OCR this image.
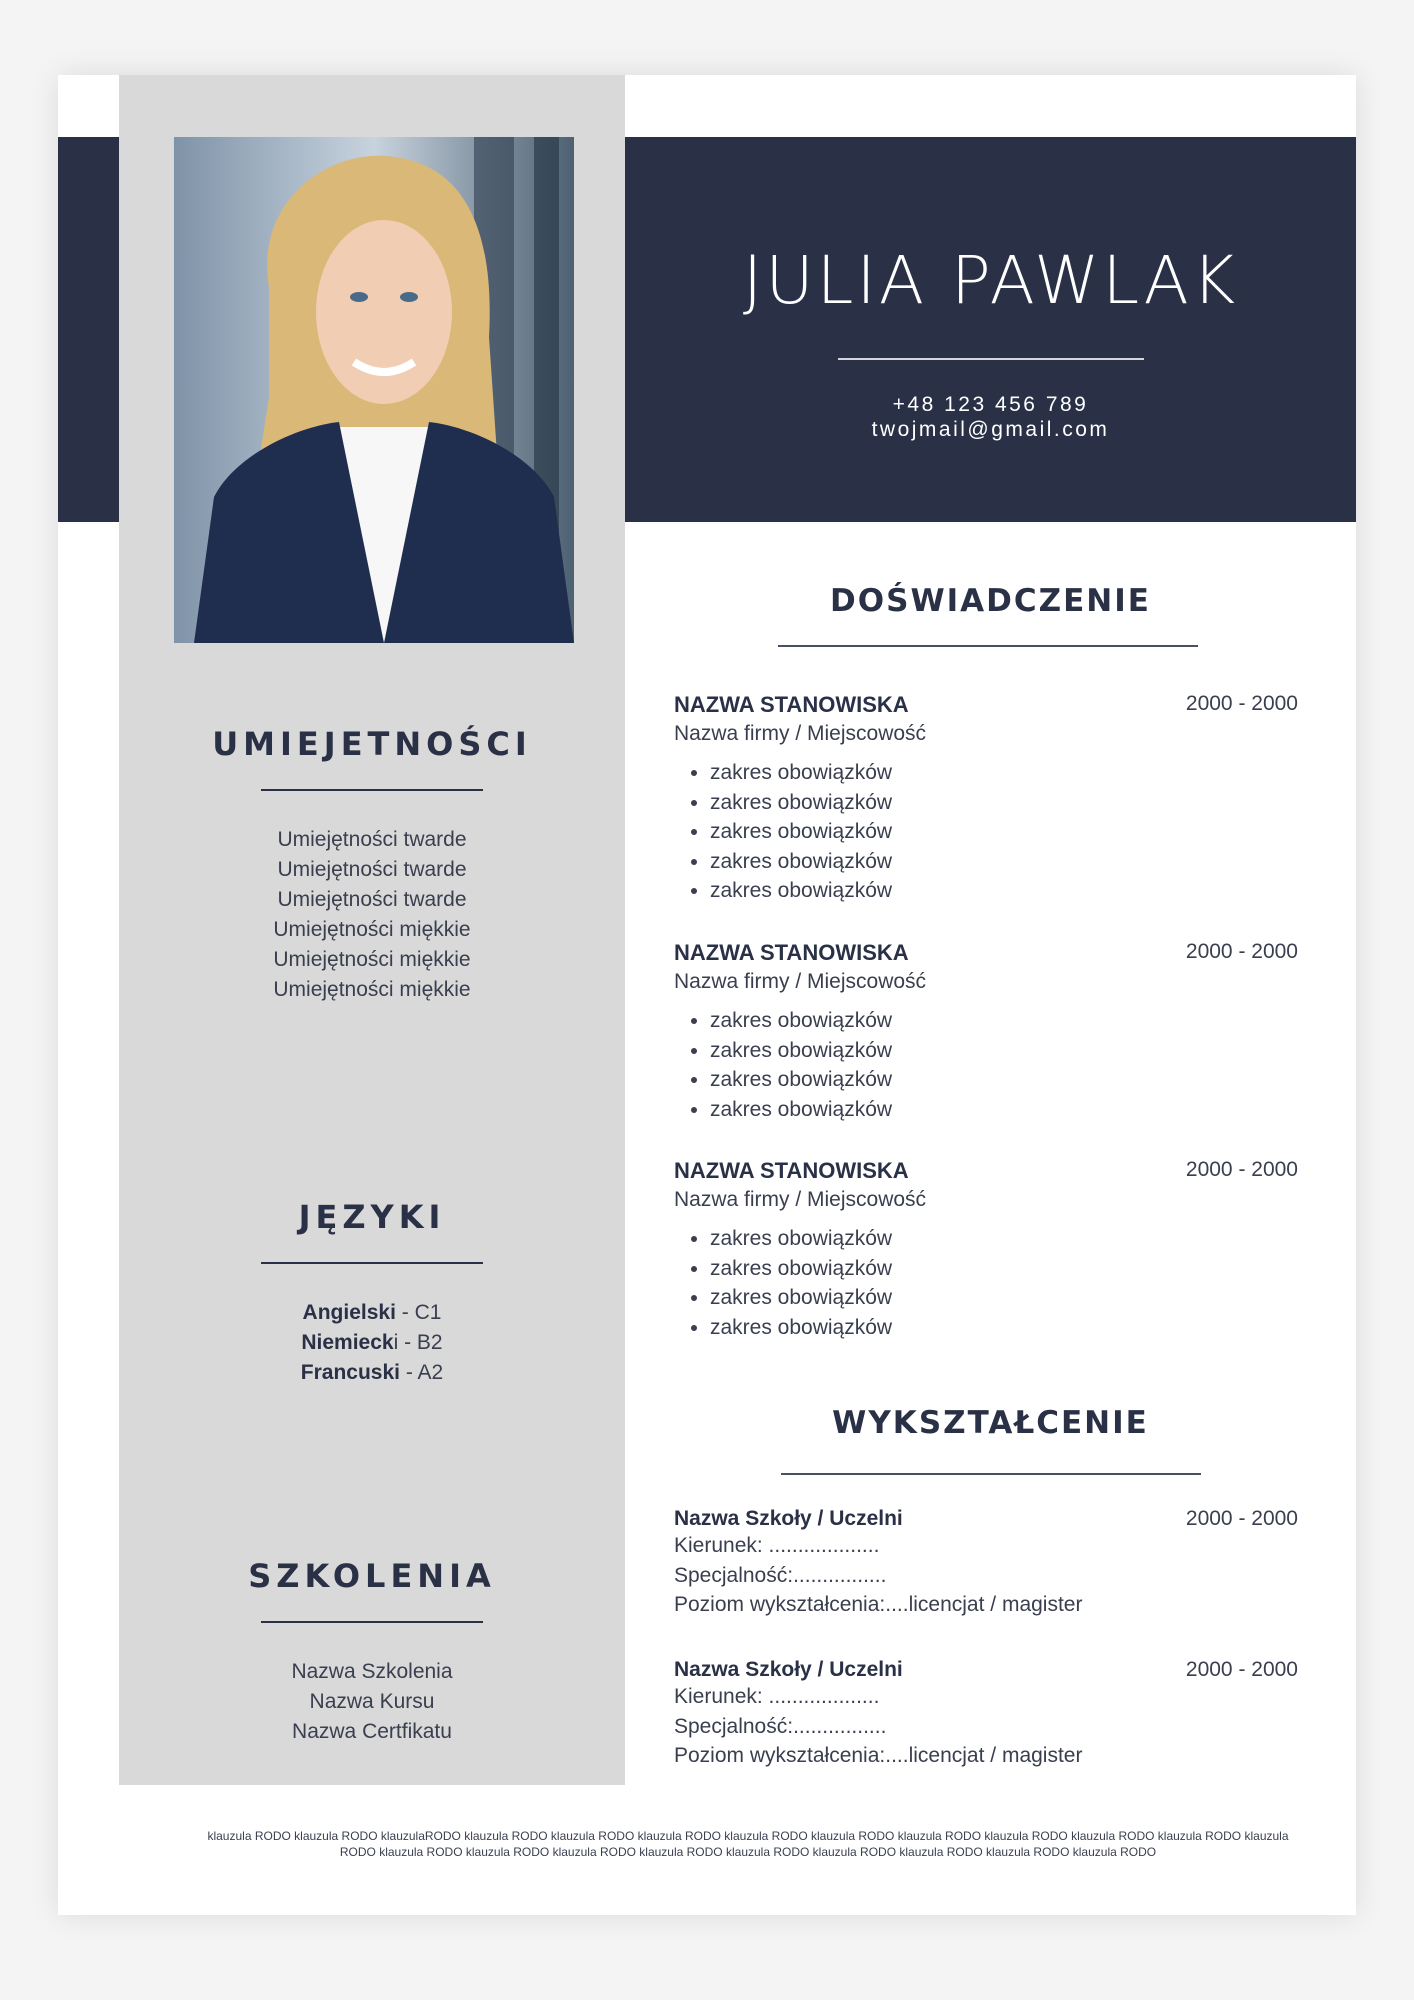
JULIA PAWLAK
+48 123 456 789
twojmail@gmail.com
UMIEJETNOŚCI
Umiejętności twarde
Umiejętności twarde
Umiejętności twarde
Umiejętności miękkie
Umiejętności miękkie
Umiejętności miękkie
JĘZYKI
Angielski - C1
Niemiecki - B2
Francuski - A2
SZKOLENIA
Nazwa Szkolenia
Nazwa Kursu
Nazwa Certfikatu
DOŚWIADCZENIE
NAZWA STANOWISKA	2000 - 2000
Nazwa firmy / Miejscowość
• zakres obowiązków
• zakres obowiązków
• zakres obowiązków
• zakres obowiązków
• zakres obowiązków
NAZWA STANOWISKA	2000 - 2000
Nazwa firmy / Miejscowość
• zakres obowiązków
• zakres obowiązków
• zakres obowiązków
• zakres obowiązków
NAZWA STANOWISKA	2000 - 2000
Nazwa firmy / Miejscowość
• zakres obowiązków
• zakres obowiązków
• zakres obowiązków
• zakres obowiązków
WYKSZTAŁCENIE
Nazwa Szkoły / Uczelni	2000 - 2000
Kierunek: ...................
Specjalność:................
Poziom wykształcenia:....licencjat / magister
Nazwa Szkoły / Uczelni	2000 - 2000
Kierunek: ...................
Specjalność:................
Poziom wykształcenia:....licencjat / magister
klauzula RODO klauzula RODO klauzulaRODO klauzula RODO klauzula RODO klauzula RODO klauzula RODO klauzula RODO klauzula RODO klauzula RODO klauzula RODO klauzula RODO klauzula RODO klauzula RODO klauzula RODO klauzula RODO klauzula RODO klauzula RODO klauzula RODO klauzula RODO klauzula RODO klauzula RODO
